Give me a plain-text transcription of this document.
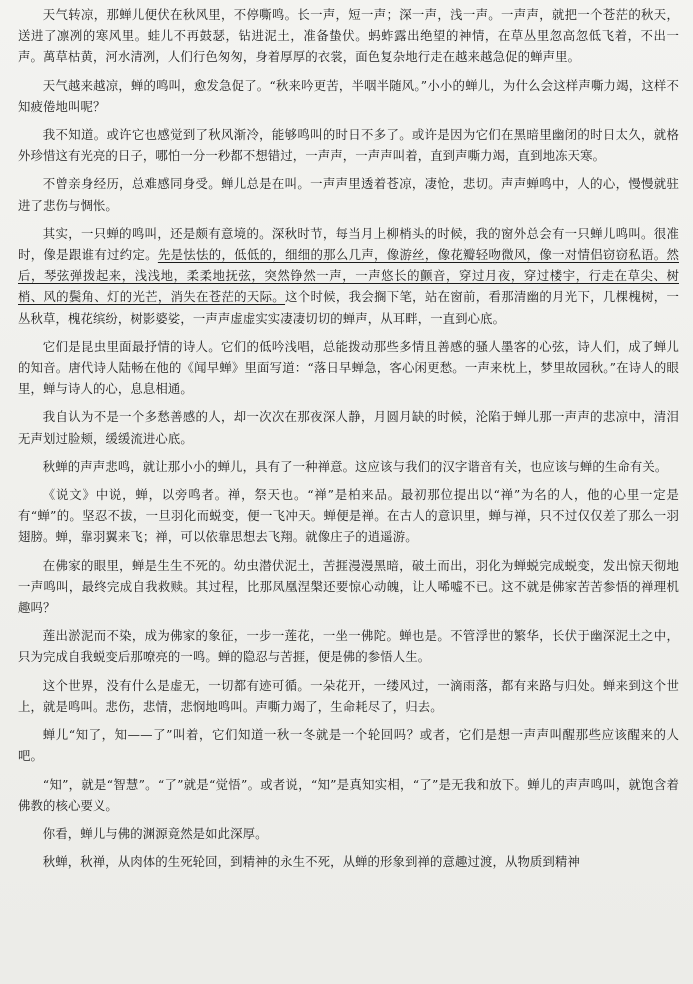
天气转凉，那蝉儿便伏在秋风里，不停嘶鸣。长一声，短一声；深一声，浅一声。一声声，就把一个苍茫的秋天，送进了凛冽的寒风里。蛙儿不再鼓瑟，钻进泥土，准备蛰伏。蚂蚱露出绝望的神情，在草丛里忽高忽低飞着，不出一声。萬草枯黄，河水清冽，人们行色匆匆，身着厚厚的衣裳，面色复杂地行走在越来越急促的蝉声里。

天气越来越凉，蝉的鸣叫，愈发急促了。“秋来吟更苦，半咽半随风。”小小的蝉儿，为什么会这样声嘶力竭，这样不知疲倦地叫呢？

我不知道。或许它也感觉到了秋风渐冷，能够鸣叫的时日不多了。或许是因为它们在黑暗里幽闭的时日太久，就格外珍惜这有光亮的日子，哪怕一分一秒都不想错过，一声声，一声声叫着，直到声嘶力竭，直到地冻天寒。

不曾亲身经历，总难感同身受。蝉儿总是在叫。一声声里透着苍凉，凄怆，悲切。声声蝉鸣中，人的心，慢慢就驻进了悲伤与惆怅。

其实，一只蝉的鸣叫，还是颇有意境的。深秋时节，每当月上柳梢头的时候，我的窗外总会有一只蝉儿鸣叫。很准时，像是跟谁有过约定。先是怯怯的，低低的，细细的那么几声，像游丝，像花瓣轻吻微风，像一对情侣窃窃私语。然后，琴弦弹拨起来，浅浅地，柔柔地抚弦，突然铮然一声，一声悠长的颤音，穿过月夜，穿过楼宇，行走在草尖、树梢、风的鬓角、灯的光芒，消失在苍茫的天际。这个时候，我会搁下笔，站在窗前，看那清幽的月光下，几棵槐树，一丛秋草，槐花缤纷，树影婆娑，一声声虚虚实实凄凄切切的蝉声，从耳畔，一直到心底。

它们是昆虫里面最抒情的诗人。它们的低吟浅唱，总能拨动那些多情且善感的骚人墨客的心弦，诗人们，成了蝉儿的知音。唐代诗人陆畅在他的《闻早蝉》里面写道：“落日早蝉急，客心闲更愁。一声来枕上，梦里故园秋。”在诗人的眼里，蝉与诗人的心，息息相通。

我自认为不是一个多愁善感的人，却一次次在那夜深人静，月圆月缺的时候，沦陷于蝉儿那一声声的悲凉中，清泪无声划过脸颊，缓缓流进心底。

秋蝉的声声悲鸣，就让那小小的蝉儿，具有了一种禅意。这应该与我们的汉字谐音有关，也应该与蝉的生命有关。

《说文》中说，蝉，以旁鸣者。禅，祭天也。“禅”是柏来品。最初那位提出以“禅”为名的人，他的心里一定是有“蝉”的。坚忍不拔，一旦羽化而蜕变，便一飞冲天。蝉便是禅。在古人的意识里，蝉与禅，只不过仅仅差了那么一羽翅膀。蝉，靠羽翼来飞；禅，可以依靠思想去飞翔。就像庄子的逍遥游。

在佛家的眼里，蝉是生生不死的。幼虫潜伏泥土，苦捱漫漫黑暗，破土而出，羽化为蝉蜕完成蜕变，发出惊天彻地一声鸣叫，最终完成自我救赎。其过程，比那凤凰涅槃还要惊心动魄，让人唏嘘不已。这不就是佛家苦苦参悟的禅理机趣吗？

莲出淤泥而不染，成为佛家的象征，一步一莲花，一坐一佛陀。蝉也是。不管浮世的繁华，长伏于幽深泥土之中，只为完成自我蜕变后那嘹亮的一鸣。蝉的隐忍与苦捱，便是佛的参悟人生。

这个世界，没有什么是虚无，一切都有迹可循。一朵花开，一缕风过，一滴雨落，都有来路与归处。蝉来到这个世上，就是鸣叫。悲伤，悲情，悲悯地鸣叫。声嘶力竭了，生命耗尽了，归去。

蝉儿“知了，知——了”叫着，它们知道一秋一冬就是一个轮回吗？或者，它们是想一声声叫醒那些应该醒来的人吧。

“知”，就是“智慧”。“了”就是“觉悟”。或者说，“知”是真知实相，“了”是无我和放下。蝉儿的声声鸣叫，就饱含着佛教的核心要义。

你看，蝉儿与佛的渊源竟然是如此深厚。

秋蝉，秋禅，从肉体的生死轮回，到精神的永生不死，从蝉的形象到禅的意趣过渡，从物质到精神
